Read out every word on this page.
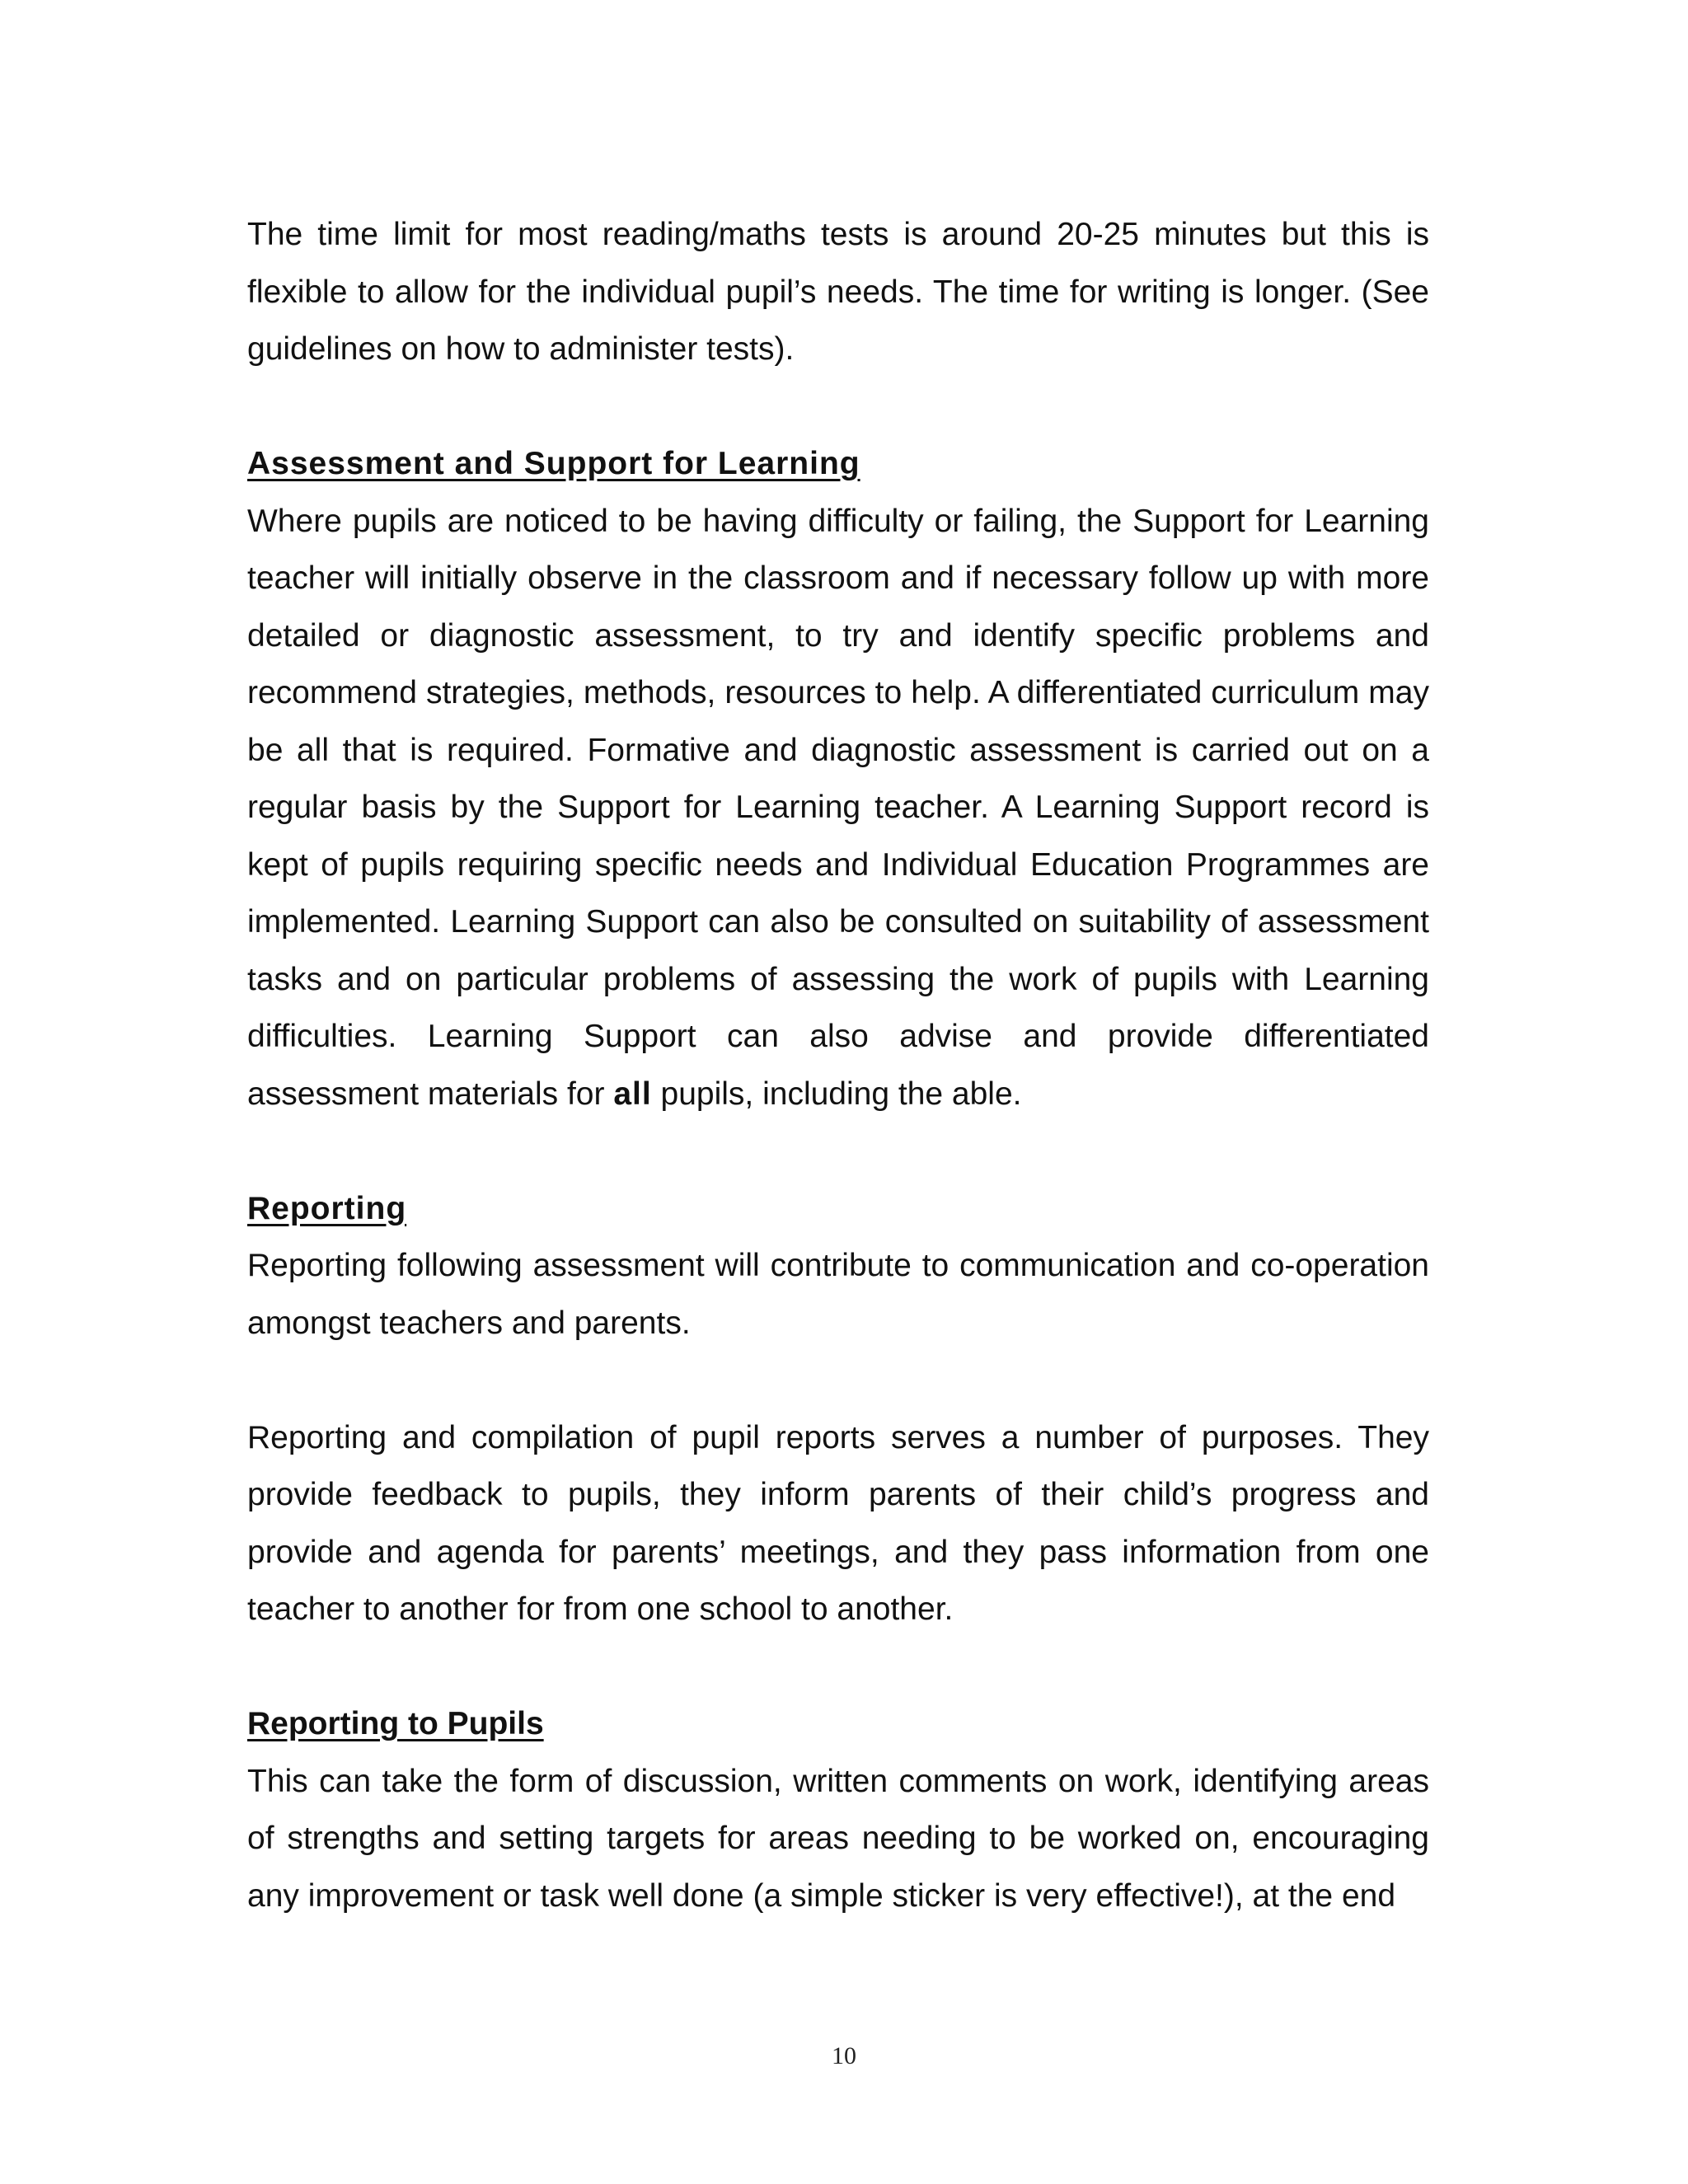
The time limit for most reading/maths tests is around 20-25 minutes but this is flexible to allow for the individual pupil’s needs. The time for writing is longer. (See guidelines on how to administer tests).

Assessment and Support for Learning

Where pupils are noticed to be having difficulty or failing, the Support for Learning teacher will initially observe in the classroom and if necessary follow up with more detailed or diagnostic assessment, to try and identify specific problems and recommend strategies, methods, resources to help. A differentiated curriculum may be all that is required. Formative and diagnostic assessment is carried out on a regular basis by the Support for Learning teacher. A Learning Support record is kept of pupils requiring specific needs and Individual Education Programmes are implemented. Learning Support can also be consulted on suitability of assessment tasks and on particular problems of assessing the work of pupils with Learning difficulties. Learning Support can also advise and provide differentiated assessment materials for all pupils, including the able.

Reporting

Reporting following assessment will contribute to communication and co-operation amongst teachers and parents.

Reporting and compilation of pupil reports serves a number of purposes. They provide feedback to pupils, they inform parents of their child’s progress and provide and agenda for parents’ meetings, and they pass information from one teacher to another for from one school to another.

Reporting to Pupils

This can take the form of discussion, written comments on work, identifying areas of strengths and setting targets for areas needing to be worked on, encouraging any improvement or task well done (a simple sticker is very effective!), at the end

10
